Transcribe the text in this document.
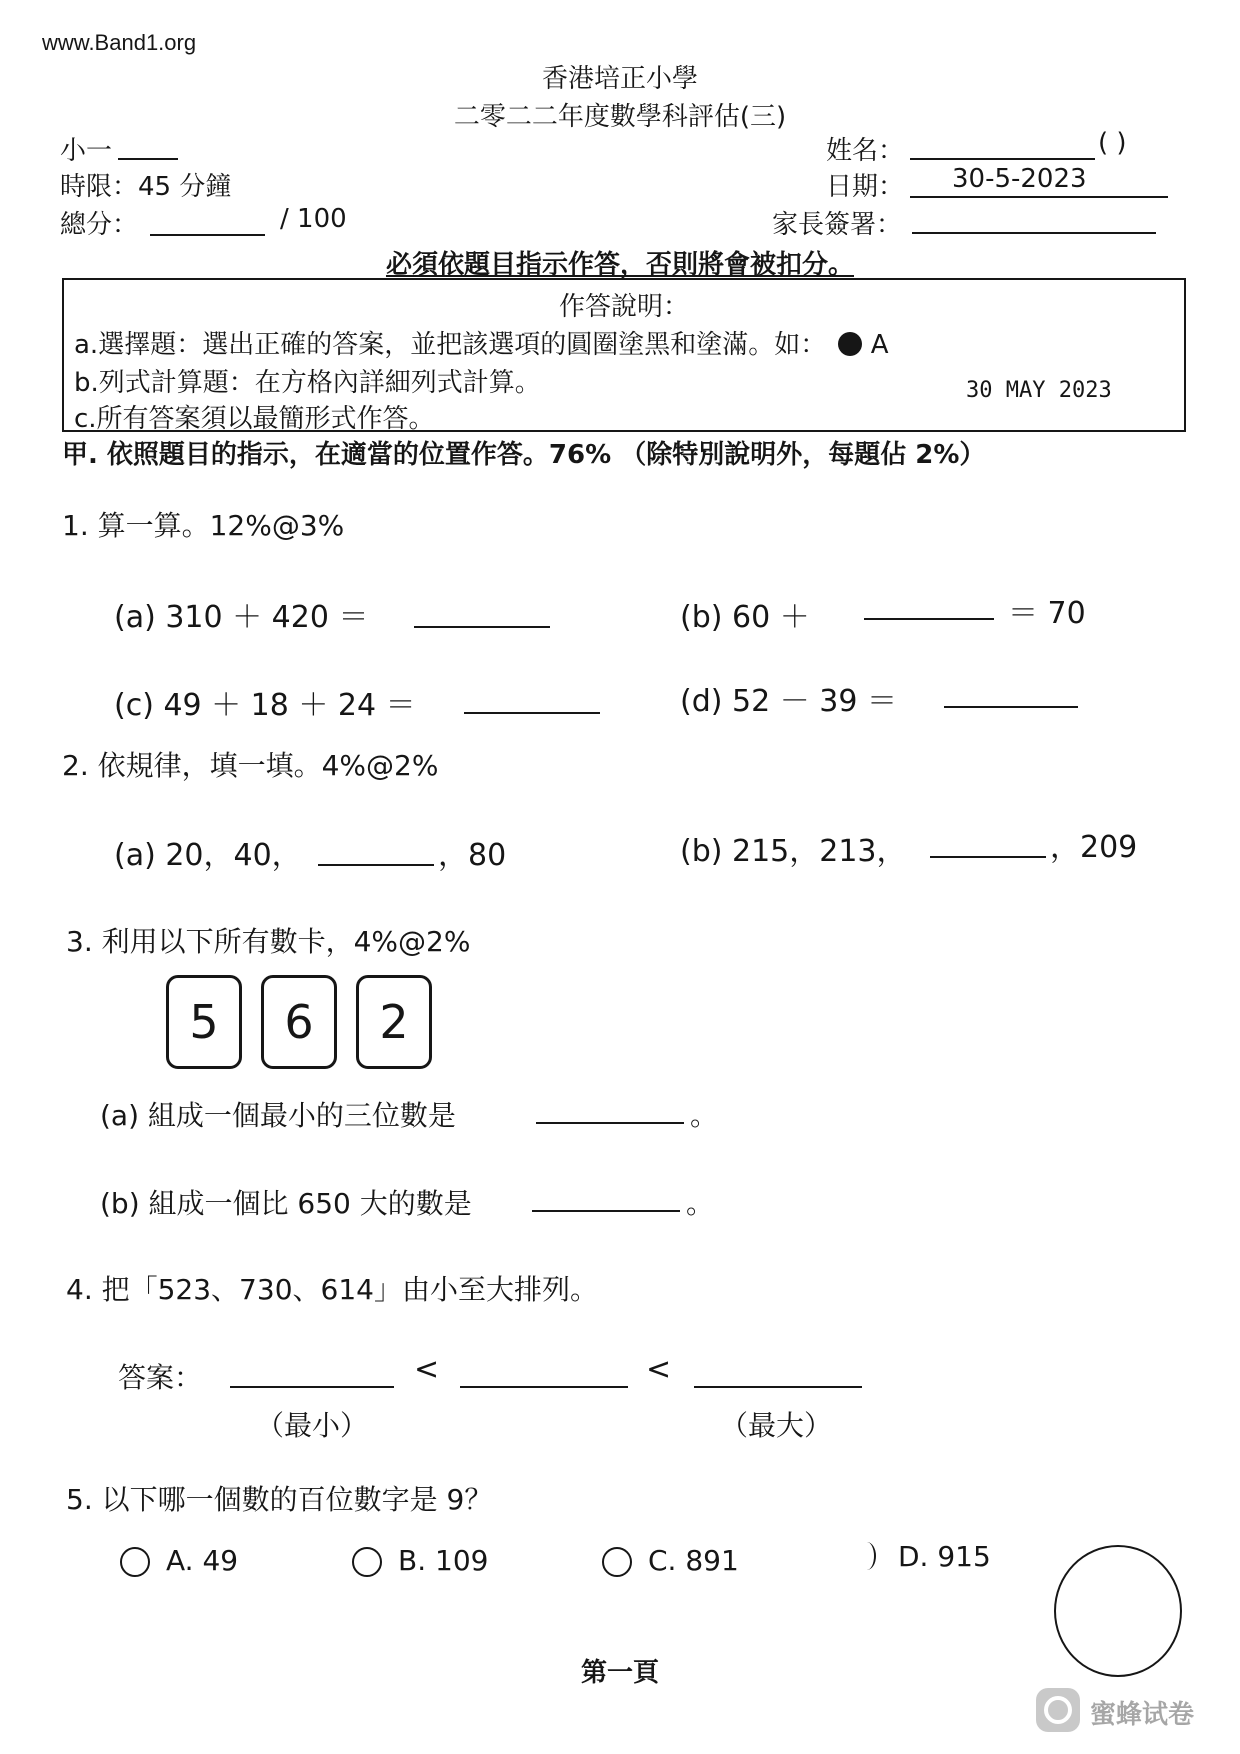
www.Band1.org
香港培正小學
二零二二年度數學科評估(三)
小一
時限：45 分鐘
總分：	/ 100
姓名：	( )
日期： 30-5-2023
家長簽署：
必須依題目指示作答，否則將會被扣分。
作答說明：
a.選擇題：選出正確的答案，並把該選項的圓圈塗黑和塗滿。如： A
b.列式計算題：在方格內詳細列式計算。
c.所有答案須以最簡形式作答。
30 MAY 2023
甲. 依照題目的指示，在適當的位置作答。76% （除特別說明外，每題佔 2%）
1. 算一算。12%@3%
(a) 310 ＋ 420 ＝	(b) 60 ＋	＝ 70
(c) 49 ＋ 18 ＋ 24 ＝	(d) 52 － 39 ＝
2. 依規律，填一填。4%@2%
(a) 20，40，	，80	(b) 215，213，	，209
3. 利用以下所有數卡，4%@2%
5	6	2
(a) 組成一個最小的三位數是	。
(b) 組成一個比 650 大的數是	。
4. 把「523、730、614」由小至大排列。
答案：	<	<
（最小）	（最大）
5. 以下哪一個數的百位數字是 9？
A. 49	B. 109	C. 891	D. 915
第一頁
蜜蜂试卷
